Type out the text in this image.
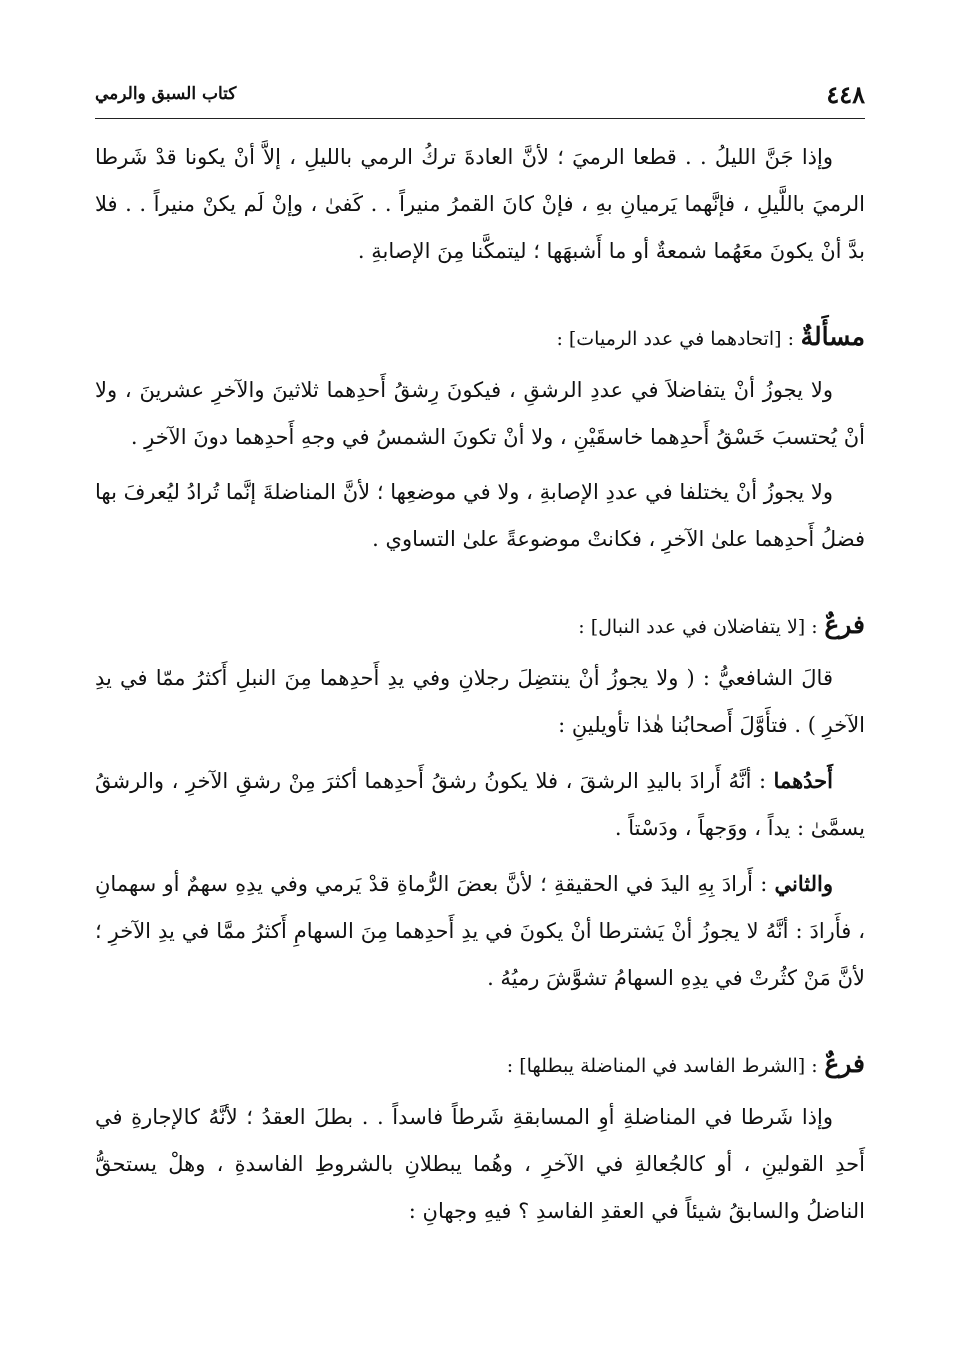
٤٤٨
كتاب السبق والرمي

وإذا جَنَّ الليلُ . . قطعا الرميَ ؛ لأنَّ العادةَ تركُ الرمي بالليلِ ، إلاَّ أنْ يكونا قدْ شَرطا الرميَ باللَّيلِ ، فإنَّهما يَرميانِ بهِ ، فإنْ كانَ القمرُ منيراً . . كَفىٰ ، وإنْ لَم يكنْ منيراً . . فلا بدَّ أنْ يكونَ معَهُما شمعةٌ أو ما أَشبهَها ؛ ليتمكَّنا مِنَ الإصابةِ .

مسأَلةٌ : [اتحادهما في عدد الرميات] :

ولا يجوزُ أنْ يتفاضلاَ في عددِ الرشقِ ، فيكونَ رِشقُ أَحدِهما ثلاثينَ والآخرِ عشرينَ ، ولا أنْ يُحتسبَ خَسْقُ أَحدِهما خاسقَيْنِ ، ولا أنْ تكونَ الشمسُ في وجهِ أَحدِهما دونَ الآخرِ .

ولا يجوزُ أنْ يختلفا في عددِ الإصابةِ ، ولا في موضعِها ؛ لأنَّ المناضلةَ إنَّما تُرادُ ليُعرفَ بها فضلُ أَحدِهما علىٰ الآخرِ ، فكانتْ موضوعةً علىٰ التساوي .

فرعٌ : [لا يتفاضلان في عدد النبال] :

قالَ الشافعيُّ : ( ولا يجوزُ أنْ ينتضِلَ رجلانِ وفي يدِ أَحدِهما مِنَ النبلِ أَكثرُ ممّا في يدِ الآخرِ ) . فتأَوَّلَ أَصحابُنا هٰذا تأويلينِ :

أَحدُهما : أنَّهُ أَرادَ باليدِ الرشقَ ، فلا يكونُ رشقُ أَحدِهما أكثرَ مِنْ رشقِ الآخرِ ، والرشقُ يسمَّىٰ : يداً ، ووَجهاً ، ودَسْتاً .

والثاني : أَرادَ بِهِ اليدَ في الحقيقةِ ؛ لأنَّ بعضَ الرُّماةِ قدْ يَرمي وفي يدِهِ سهمٌ أو سهمانِ ، فأَرادَ : أنَّهُ لا يجوزُ أنْ يَشترطا أنْ يكونَ في يدِ أَحدِهما مِنَ السهامِ أَكثرُ ممَّا في يدِ الآخرِ ؛ لأنَّ مَنْ كثُرتْ في يدِهِ السهامُ تشوَّشَ رميُهُ .

فرعٌ : [الشرط الفاسد في المناضلة يبطلها] :

وإذا شَرطا في المناضلةِ أوِ المسابقةِ شَرطاً فاسداً . . بطلَ العقدُ ؛ لأنَّهُ كالإجارةِ في أَحدِ القولينِ ، أو كالجُعالةِ في الآخرِ ، وهُما يبطلانِ بالشروطِ الفاسدةِ ، وهلْ يستحقُّ الناضلُ والسابقُ شيئاً في العقدِ الفاسدِ ؟ فيهِ وجهانِ :
